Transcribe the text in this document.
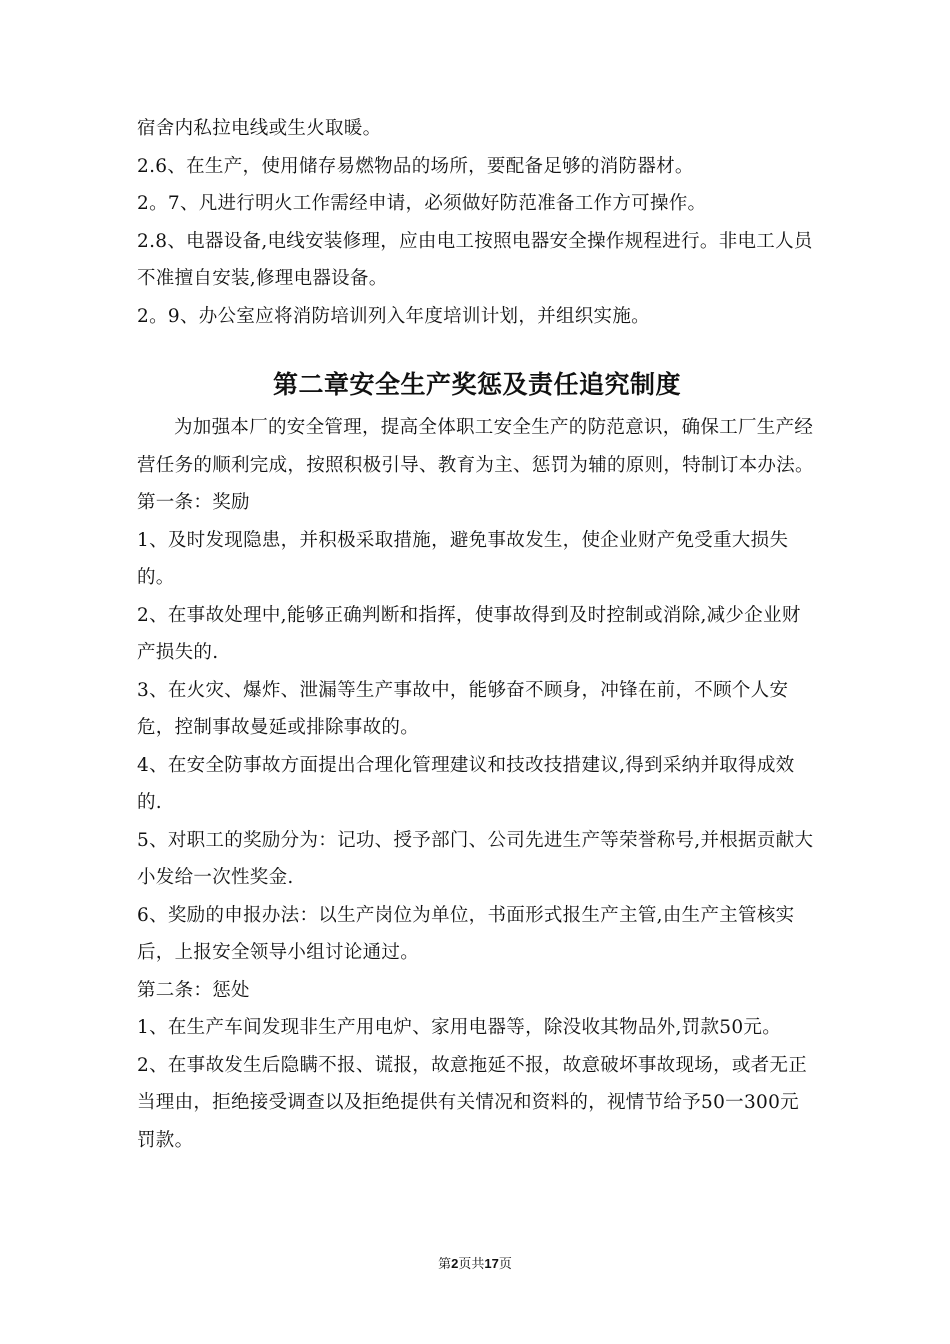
宿舍内私拉电线或生火取暖。

2.6、在生产，使用储存易燃物品的场所，要配备足够的消防器材。

2。7、凡进行明火工作需经申请，必须做好防范准备工作方可操作。

2.8、电器设备,电线安装修理，应由电工按照电器安全操作规程进行。非电工人员不准擅自安装,修理电器设备。

2。9、办公室应将消防培训列入年度培训计划，并组织实施。

第二章安全生产奖惩及责任追究制度

为加强本厂的安全管理，提高全体职工安全生产的防范意识，确保工厂生产经营任务的顺利完成，按照积极引导、教育为主、惩罚为辅的原则，特制订本办法。

第一条：奖励

1、及时发现隐患，并积极采取措施，避免事故发生，使企业财产免受重大损失的。

2、在事故处理中,能够正确判断和指挥，使事故得到及时控制或消除,减少企业财产损失的.

3、在火灾、爆炸、泄漏等生产事故中，能够奋不顾身，冲锋在前，不顾个人安危，控制事故曼延或排除事故的。

4、在安全防事故方面提出合理化管理建议和技改技措建议,得到采纳并取得成效的.

5、对职工的奖励分为：记功、授予部门、公司先进生产等荣誉称号,并根据贡献大小发给一次性奖金.

6、奖励的申报办法：以生产岗位为单位，书面形式报生产主管,由生产主管核实后，上报安全领导小组讨论通过。

第二条：惩处

1、在生产车间发现非生产用电炉、家用电器等，除没收其物品外,罚款50元。

2、在事故发生后隐瞒不报、谎报，故意拖延不报，故意破坏事故现场，或者无正当理由，拒绝接受调查以及拒绝提供有关情况和资料的，视情节给予50一300元罚款。

第2页共17页
